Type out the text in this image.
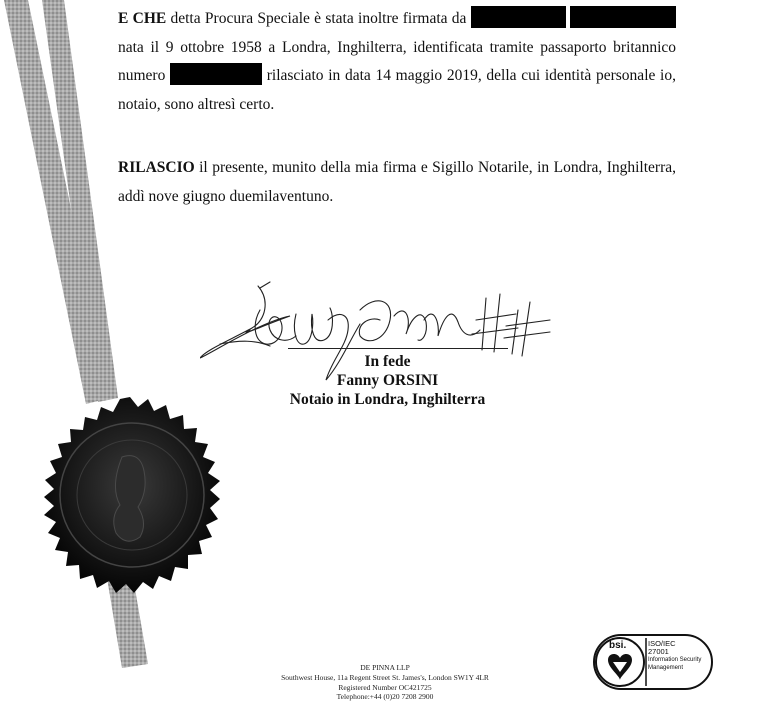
E CHE detta Procura Speciale è stata inoltre firmata da   nata il 9 ottobre 1958 a Londra, Inghilterra, identificata tramite passaporto britannico numero	rilasciato in data 14 maggio 2019, della cui identità personale io, notaio, sono altresì certo.

RILASCIO il presente, munito della mia firma e Sigillo Notarile, in Londra, Inghilterra, addì nove giugno duemilaventuno.

In fede
Fanny ORSINI
Notaio in Londra, Inghilterra
DE PINNA LLP
Southwest House, 11a Regent Street St. James's, London SW1Y 4LR
Registered Number OC421725
Telephone:+44 (0)20 7208 2900
bsi.	ISO/IEC
27001
Information Security
Management
